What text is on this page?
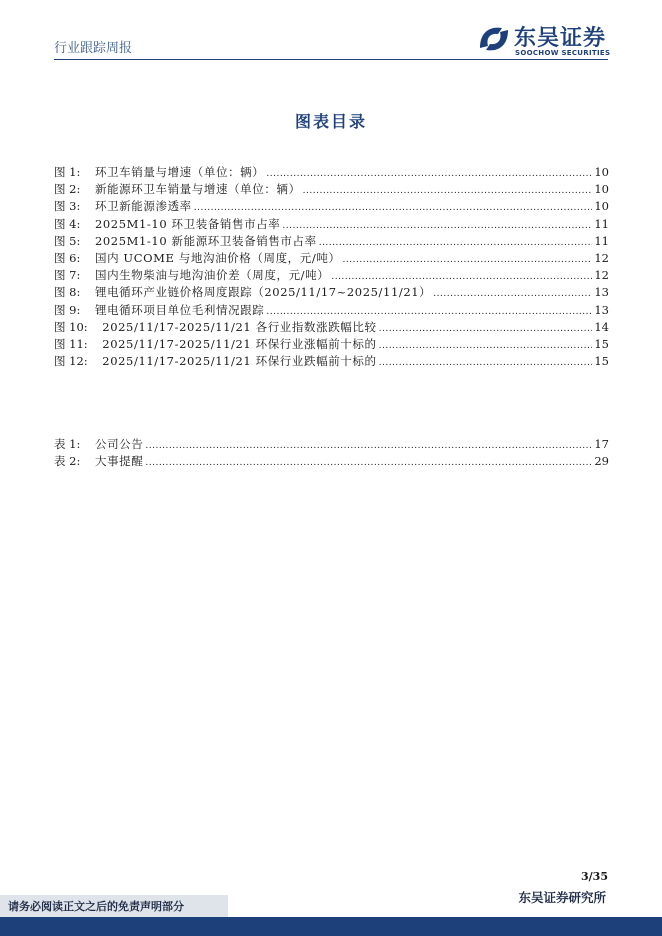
行业跟踪周报	东吴证券
SOOCHOW SECURITIES
图表目录
图 1: 环卫车销量与增速（单位：辆） .....	10
图 2: 新能源环卫车销量与增速（单位：辆） .....	10
图 3: 环卫新能源渗透率 .....	10
图 4: 2025M1-10 环卫装备销售市占率 .....	11
图 5: 2025M1-10 新能源环卫装备销售市占率 .....	11
图 6: 国内 UCOME 与地沟油价格（周度，元/吨） .....	12
图 7: 国内生物柴油与地沟油价差（周度，元/吨） .....	12
图 8: 锂电循环产业链价格周度跟踪（2025/11/17~2025/11/21） .....	13
图 9: 锂电循环项目单位毛利情况跟踪 .....	13
图 10: 2025/11/17-2025/11/21 各行业指数涨跌幅比较 .....	14
图 11: 2025/11/17-2025/11/21 环保行业涨幅前十标的 .....	15
图 12: 2025/11/17-2025/11/21 环保行业跌幅前十标的 .....	15
表 1: 公司公告 .....	17
表 2: 大事提醒 .....	29
3/35
请务必阅读正文之后的免责声明部分
东吴证券研究所
